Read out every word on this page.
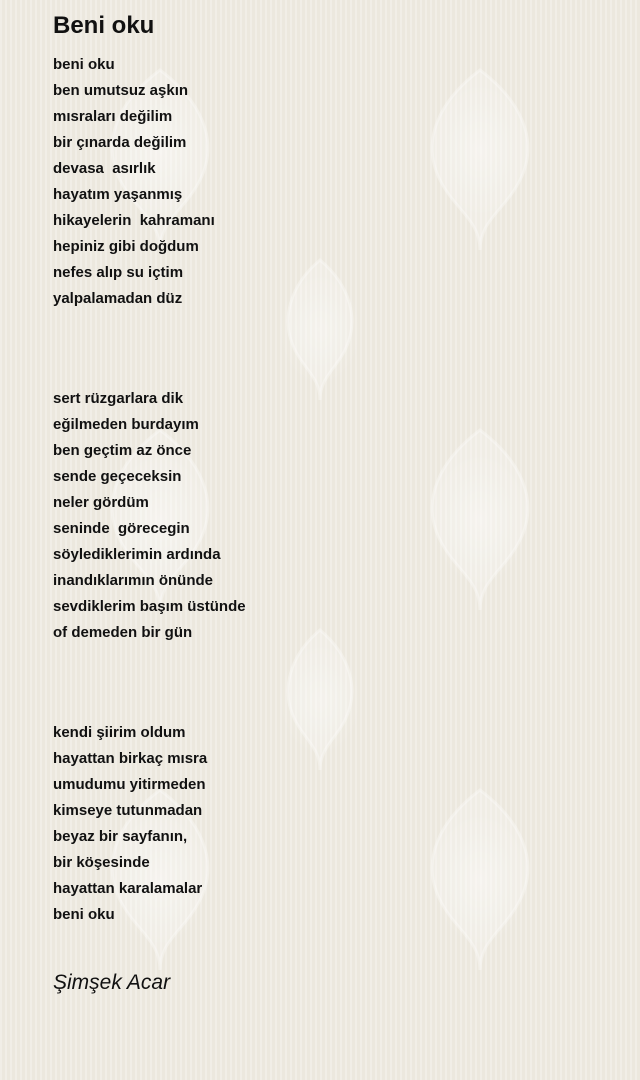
Beni oku
beni oku
ben umutsuz aşkın
mısraları değilim
bir çınarda değilim
devasa  asırlık
hayatım yaşanmış
hikayelerin  kahramanı
hepiniz gibi doğdum
nefes alıp su içtim
yalpalamadan düz
sert rüzgarlara dik
eğilmeden burdayım
ben geçtim az önce
sende geçeceksin
neler gördüm
seninde  görecegin
söylediklerimin ardında
inandıklarımın önünde
sevdiklerim başım üstünde
of demeden bir gün
kendi şiirim oldum
hayattan birkaç mısra
umudumu yitirmeden
kimseye tutunmadan
beyaz bir sayfanın,
bir köşesinde
hayattan karalamalar
beni oku
Şimşek Acar
